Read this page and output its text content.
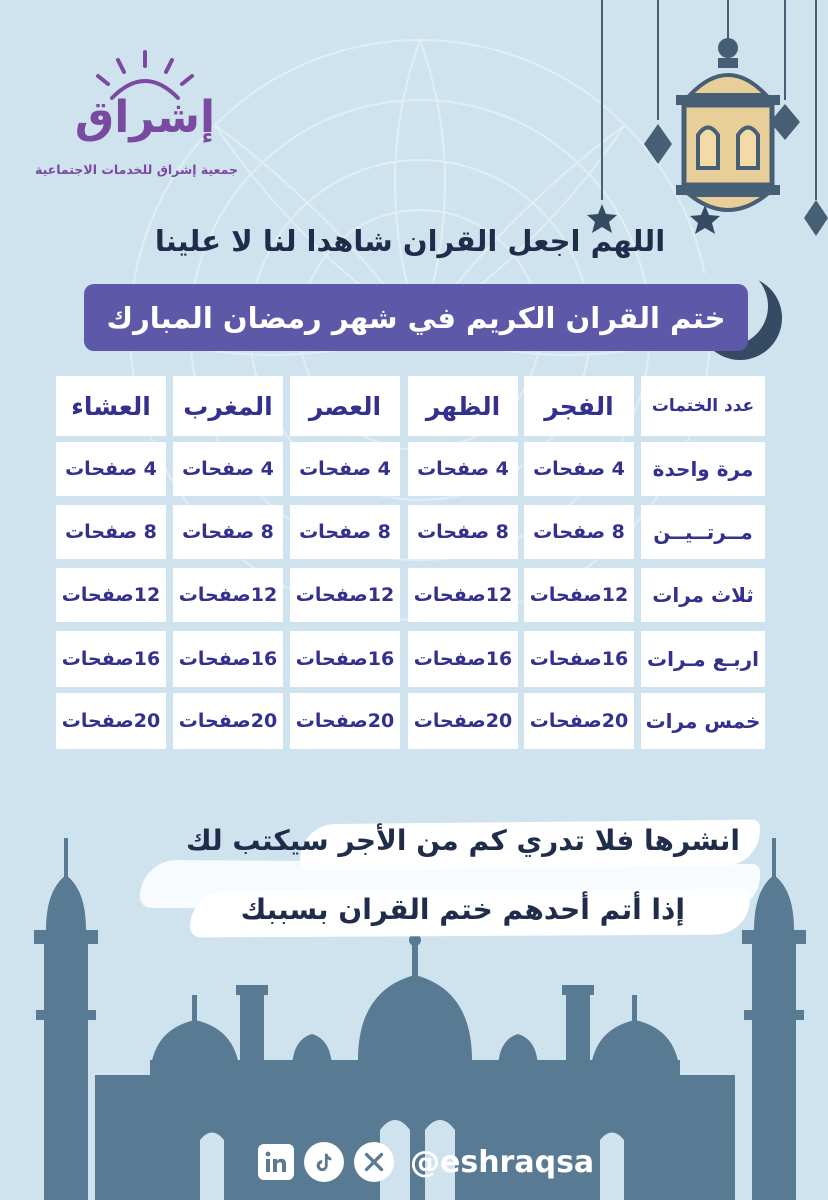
إشراق
جمعية إشراق للخدمات الاجتماعية
اللهم اجعل القران شاهدا لنا لا علينا
ختم القران الكريم في شهر رمضان المبارك
عدد الختمات
الفجر
الظهر
العصر
المغرب
العشاء
مرة واحدة
4 صفحات
4 صفحات
4 صفحات
4 صفحات
4 صفحات
مــرتــيــن
8 صفحات
8 صفحات
8 صفحات
8 صفحات
8 صفحات
ثلاث مرات
12صفحات
12صفحات
12صفحات
12صفحات
12صفحات
اربـع مـرات
16صفحات
16صفحات
16صفحات
16صفحات
16صفحات
خمس مرات
20صفحات
20صفحات
20صفحات
20صفحات
20صفحات
انشرها فلا تدري كم من الأجر سيكتب لك
إذا أتم أحدهم ختم القران بسببك
@eshraqsa
